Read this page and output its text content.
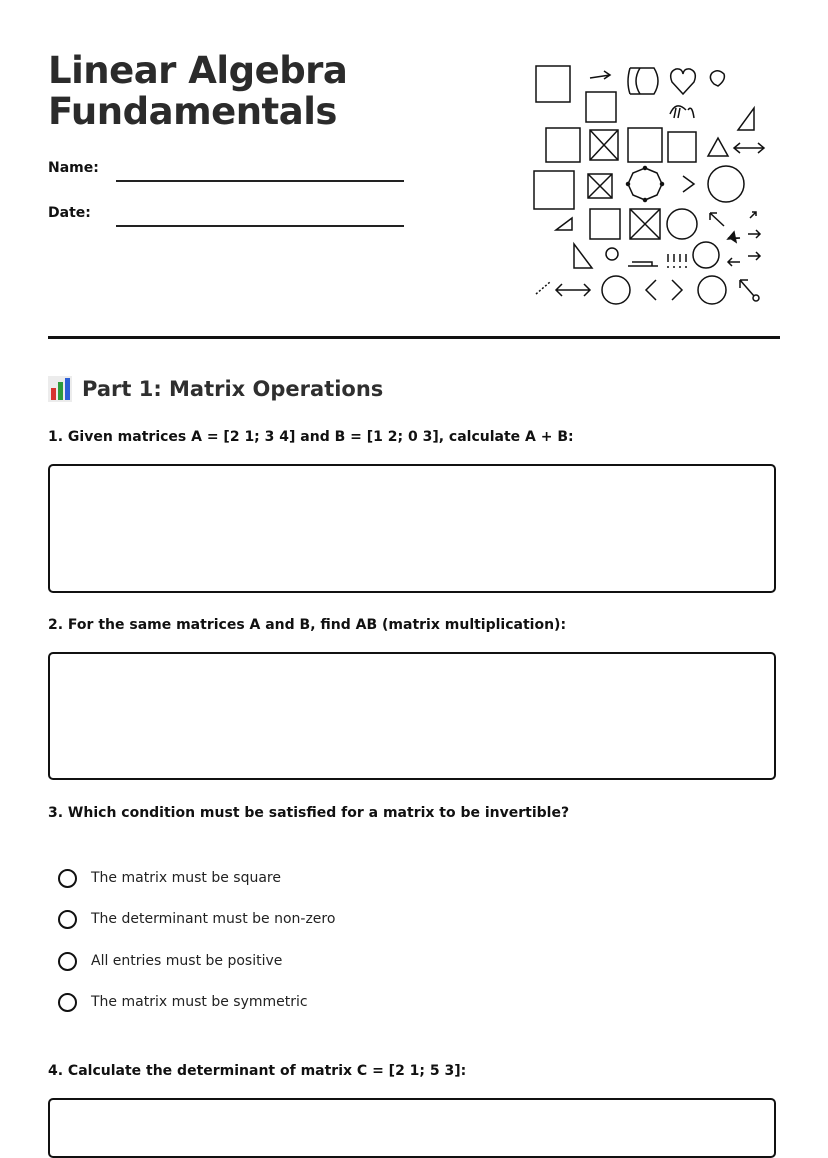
Linear Algebra
Fundamentals
Name:
Date:
Part 1: Matrix Operations

1. Given matrices A = [2 1; 3 4] and B = [1 2; 0 3], calculate A + B:

2. For the same matrices A and B, find AB (matrix multiplication):

3. Which condition must be satisfied for a matrix to be invertible?

The matrix must be square
The determinant must be non-zero
All entries must be positive
The matrix must be symmetric

4. Calculate the determinant of matrix C = [2 1; 5 3]:
